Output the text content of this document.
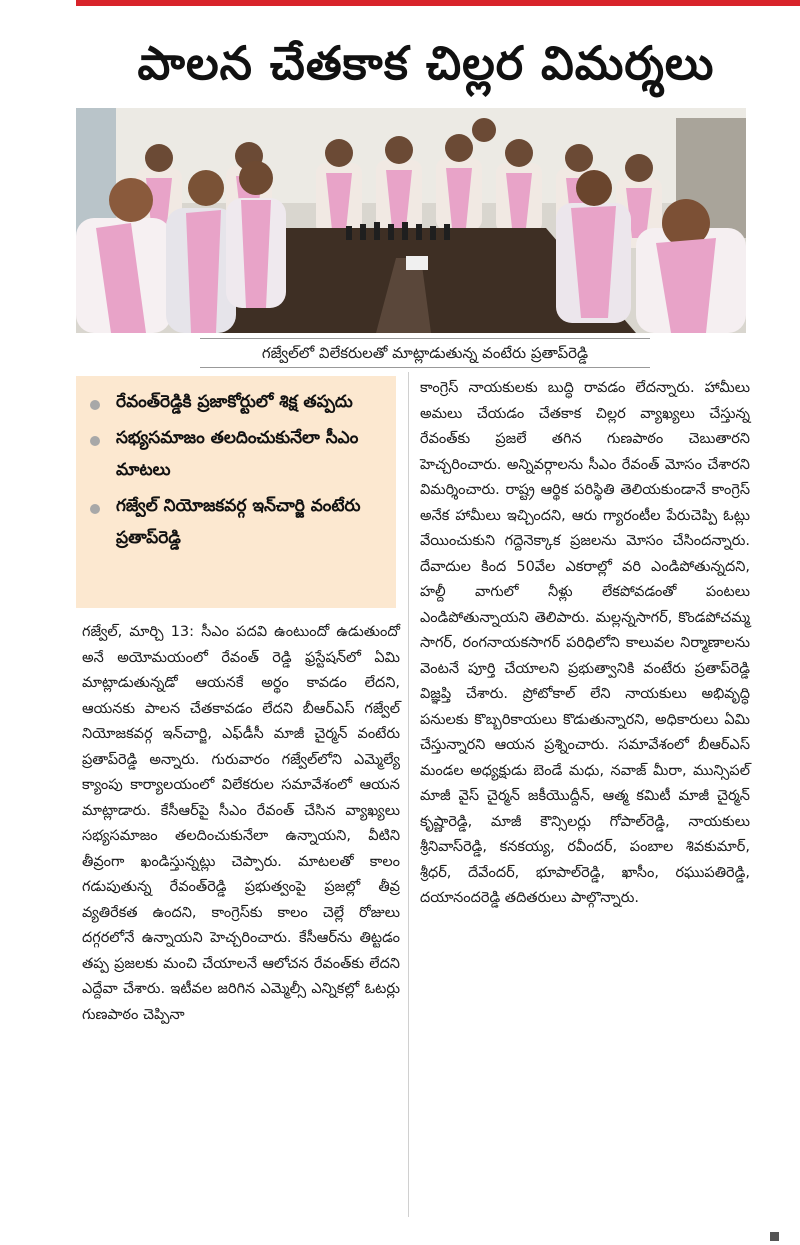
పాలన చేతకాక చిల్లర విమర్శలు
గజ్వేల్‌లో విలేకరులతో మాట్లాడుతున్న వంటేరు ప్రతాప్‌రెడ్డి
రేవంత్‌రెడ్డికి ప్రజాకోర్టులో శిక్ష తప్పదు
సభ్యసమాజం తలదించుకునేలా సీఎం మాటలు
గజ్వేల్ నియోజకవర్గ ఇన్‌చార్జి వంటేరు ప్రతాప్‌రెడ్డి
గజ్వేల్, మార్చి 13: సీఎం పదవి ఉంటుందో ఉడుతుందో అనే అయోమయంలో రేవంత్ రెడ్డి ఫ్రస్టేషన్‌లో ఏమి మాట్లాడుతున్నడో ఆయనకే అర్థం కావడం లేదని, ఆయనకు పాలన చేతకావడం లేదని బీఆర్ఎస్ గజ్వేల్ నియోజకవర్గ ఇన్‌చార్జి, ఎఫ్‌డీసీ మాజీ చైర్మన్ వంటేరు ప్రతాప్‌రెడ్డి అన్నారు. గురువారం గజ్వేల్‌లోని ఎమ్మెల్యే క్యాంపు కార్యాలయంలో విలేకరుల సమావేశంలో ఆయన మాట్లాడారు. కేసీఆర్‌పై సీఎం రేవంత్ చేసిన వ్యాఖ్యలు సభ్యసమాజం తలదించుకునేలా ఉన్నాయని, వీటిని తీవ్రంగా ఖండిస్తున్నట్లు చెప్పారు. మాటలతో కాలం గడుపుతున్న రేవంత్‌రెడ్డి ప్రభుత్వంపై ప్రజల్లో తీవ్ర వ్యతిరేకత ఉందని, కాంగ్రెస్‌కు కాలం చెల్లే రోజులు దగ్గరలోనే ఉన్నాయని హెచ్చరించారు. కేసీఆర్‌ను తిట్టడం తప్ప ప్రజలకు మంచి చేయాలనే ఆలోచన రేవంత్‌కు లేదని ఎద్దేవా చేశారు. ఇటీవల జరిగిన ఎమ్మెల్సీ ఎన్నికల్లో ఓటర్లు గుణపాఠం చెప్పినా
కాంగ్రెస్ నాయకులకు బుద్ధి రావడం లేదన్నారు. హామీలు అమలు చేయడం చేతకాక చిల్లర వ్యాఖ్యలు చేస్తున్న రేవంత్‌కు ప్రజలే తగిన గుణపాఠం చెబుతారని హెచ్చరించారు. అన్నివర్గాలను సీఎం రేవంత్ మోసం చేశారని విమర్శించారు. రాష్ట్ర ఆర్థిక పరిస్థితి తెలియకుండానే కాంగ్రెస్ అనేక హామీలు ఇచ్చిందని, ఆరు గ్యారంటీల పేరుచెప్పి ఓట్లు వేయించుకుని గద్దెనెక్కాక ప్రజలను మోసం చేసిందన్నారు. దేవాదుల కింద 50వేల ఎకరాల్లో వరి ఎండిపోతున్నదని, హల్దీ వాగులో నీళ్లు లేకపోవడంతో పంటలు ఎండిపోతున్నాయని తెలిపారు. మల్లన్నసాగర్, కొండపోచమ్మ సాగర్, రంగనాయకసాగర్ పరిధిలోని కాలువల నిర్మాణాలను వెంటనే పూర్తి చేయాలని ప్రభుత్వానికి వంటేరు ప్రతాప్‌రెడ్డి విజ్ఞప్తి చేశారు. ప్రోటోకాల్ లేని నాయకులు అభివృద్ధి పనులకు కొబ్బరికాయలు కొడుతున్నారని, అధికారులు ఏమి చేస్తున్నారని ఆయన ప్రశ్నించారు. సమావేశంలో బీఆర్ఎస్ మండల అధ్యక్షుడు బెండే మధు, నవాజ్ మీరా, మున్సిపల్ మాజీ వైస్ చైర్మన్ జకీయొద్దీన్, ఆత్మ కమిటీ మాజీ చైర్మన్ కృష్ణారెడ్డి, మాజీ కౌన్సిలర్లు గోపాల్‌రెడ్డి, నాయకులు శ్రీనివాస్‌రెడ్డి, కనకయ్య, రవీందర్, పంబాల శివకుమార్, శ్రీధర్, దేవేందర్, భూపాల్‌రెడ్డి, ఖాసీం, రఘుపతిరెడ్డి, దయానందరెడ్డి తదితరులు పాల్గొన్నారు.
